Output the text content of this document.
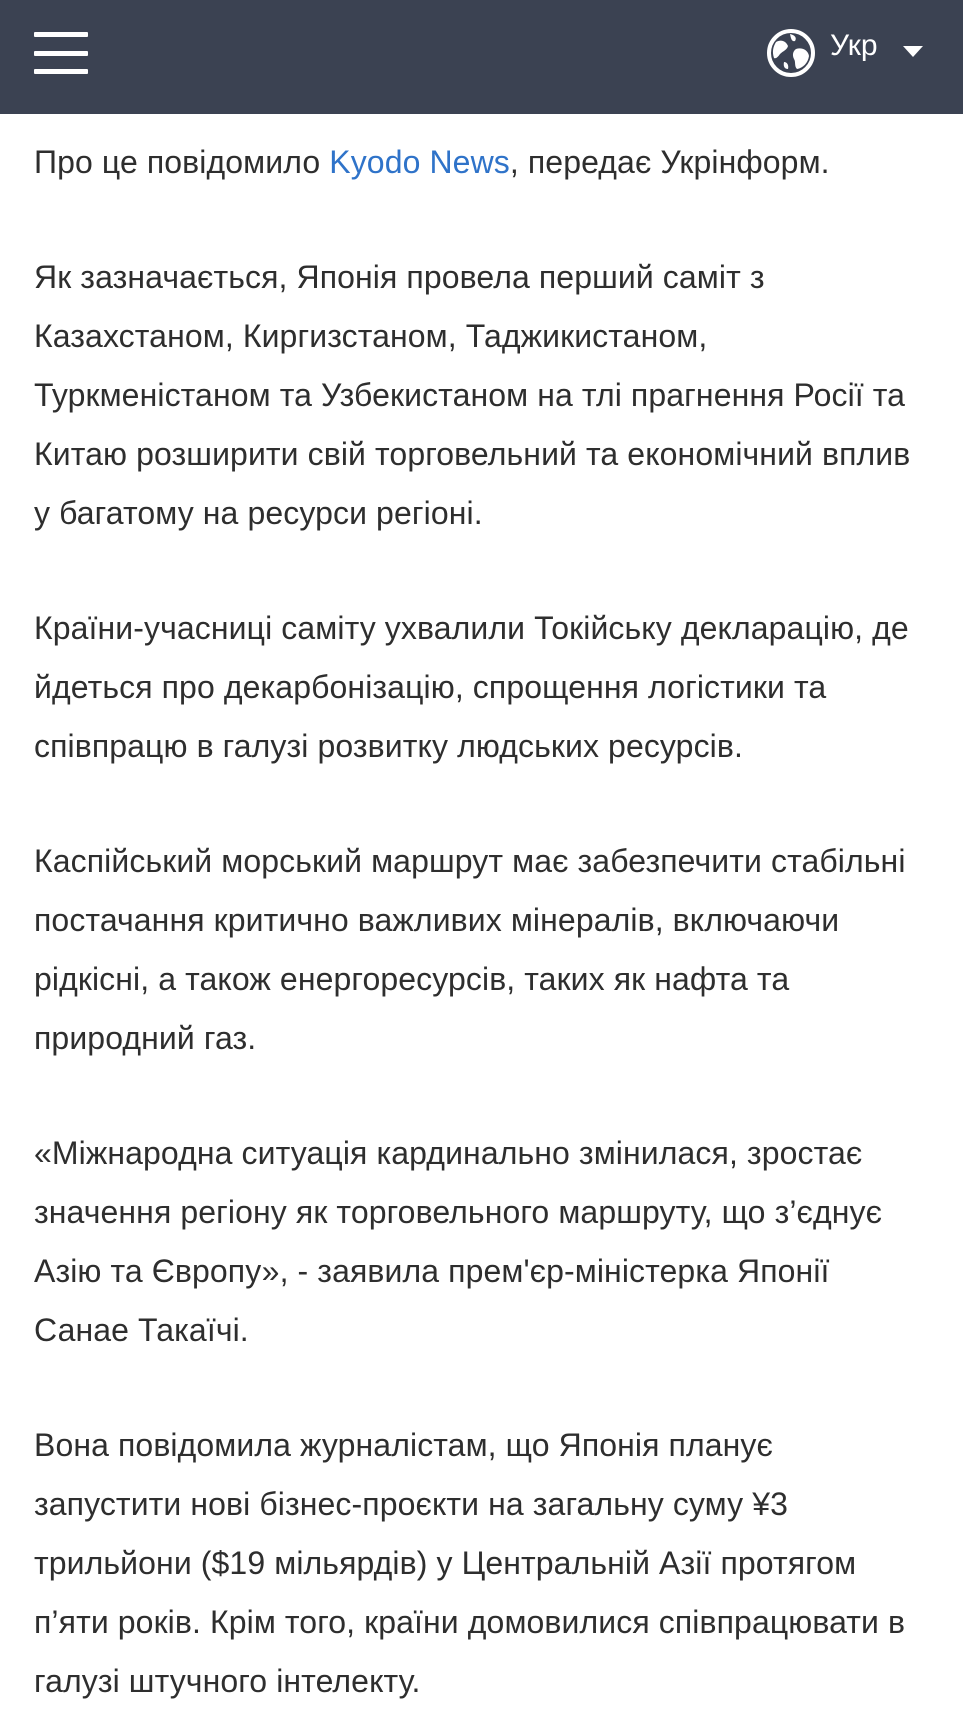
Укр

Про це повідомило Kyodo News, передає Укрінформ.

Як зазначається, Японія провела перший саміт з Казахстаном, Киргизстаном, Таджикистаном, Туркменістаном та Узбекистаном на тлі прагнення Росії та Китаю розширити свій торговельний та економічний вплив у багатому на ресурси регіоні.

Країни-учасниці саміту ухвалили Токійську декларацію, де йдеться про декарбонізацію, спрощення логістики та співпрацю в галузі розвитку людських ресурсів.

Каспійський морський маршрут має забезпечити стабільні постачання критично важливих мінералів, включаючи рідкісні, а також енергоресурсів, таких як нафта та природний газ.

«Міжнародна ситуація кардинально змінилася, зростає значення регіону як торговельного маршруту, що з’єднує Азію та Європу», - заявила прем'єр-міністерка Японії Санае Такаїчі.

Вона повідомила журналістам, що Японія планує запустити нові бізнес-проєкти на загальну суму ¥3 трильйони ($19 мільярдів) у Центральній Азії протягом п’яти років. Крім того, країни домовилися співпрацювати в галузі штучного інтелекту.
